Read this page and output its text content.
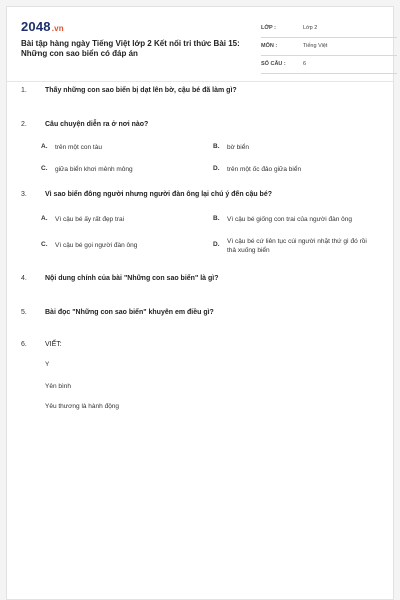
2048.vn
Bài tập hàng ngày Tiếng Việt lớp 2 Kết nối tri thức Bài 15: Những con sao biển có đáp án
LỚP :	Lớp 2
MÔN :	Tiếng Việt
SỐ CÂU :	6
1.	Thấy những con sao biển bị dạt lên bờ, cậu bé đã làm gì?
2.	Câu chuyện diễn ra ở nơi nào?
A. trên một con tàu	B. bờ biển
C. giữa biển khơi mênh mông	D. trên một ốc đảo giữa biển
3.	Vì sao biển đông người nhưng người đàn ông lại chú ý đến cậu bé?
A. Vì cậu bé ấy rất đẹp trai	B. Vì cậu bé giống con trai của người đàn ông
C. Vì cậu bé gọi người đàn ông	D. Vì cậu bé cứ liên tục cúi người nhặt thứ gì đó rồi thả xuống biển
4.	Nội dung chính của bài "Những con sao biển" là gì?
5.	Bài đọc "Những con sao biển" khuyên em điều gì?
6.	VIẾT:
Y
Yên bình
Yêu thương là hành động
